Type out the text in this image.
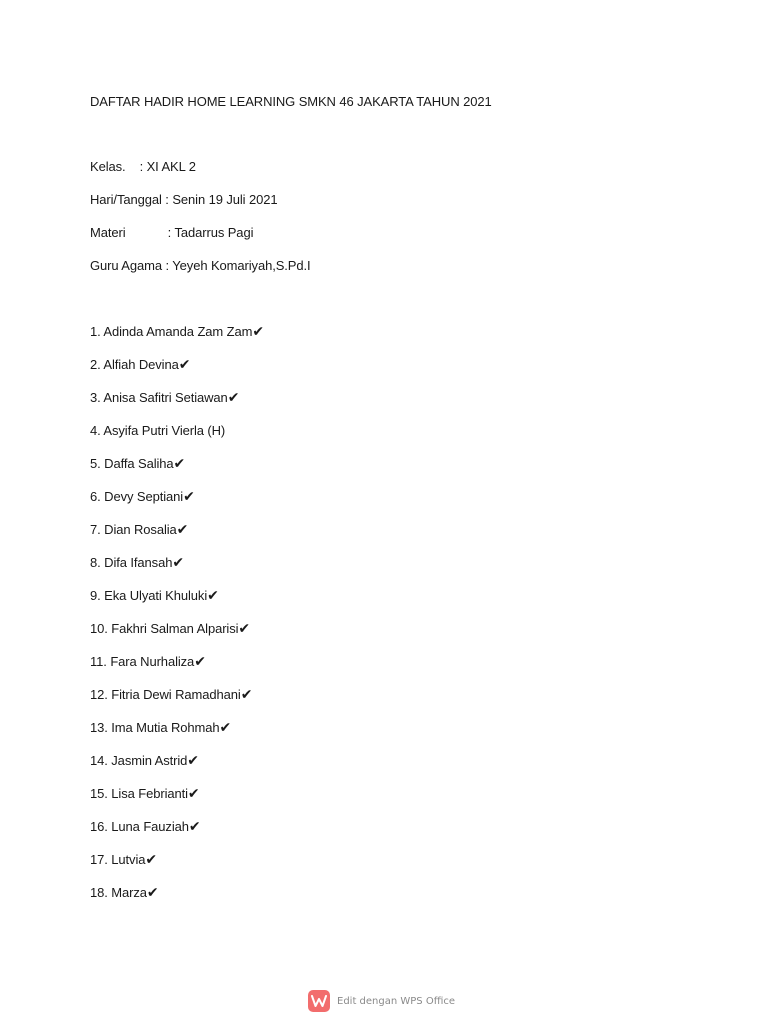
DAFTAR HADIR HOME LEARNING SMKN 46 JAKARTA TAHUN 2021
Kelas.    : XI AKL 2
Hari/Tanggal : Senin 19 Juli 2021
Materi            : Tadarrus Pagi
Guru Agama : Yeyeh Komariyah,S.Pd.I
1. Adinda Amanda Zam Zam✔
2. Alfiah Devina✔
3. Anisa Safitri Setiawan✔
4. Asyifa Putri Vierla (H)
5. Daffa Saliha✔
6. Devy Septiani✔
7. Dian Rosalia✔
8. Difa Ifansah✔
9. Eka Ulyati Khuluki✔
10. Fakhri Salman Alparisi✔
11. Fara Nurhaliza✔
12. Fitria Dewi Ramadhani✔
13. Ima Mutia Rohmah✔
14. Jasmin Astrid✔
15. Lisa Febrianti✔
16. Luna Fauziah✔
17. Lutvia✔
18. Marza✔
Edit dengan WPS Office
